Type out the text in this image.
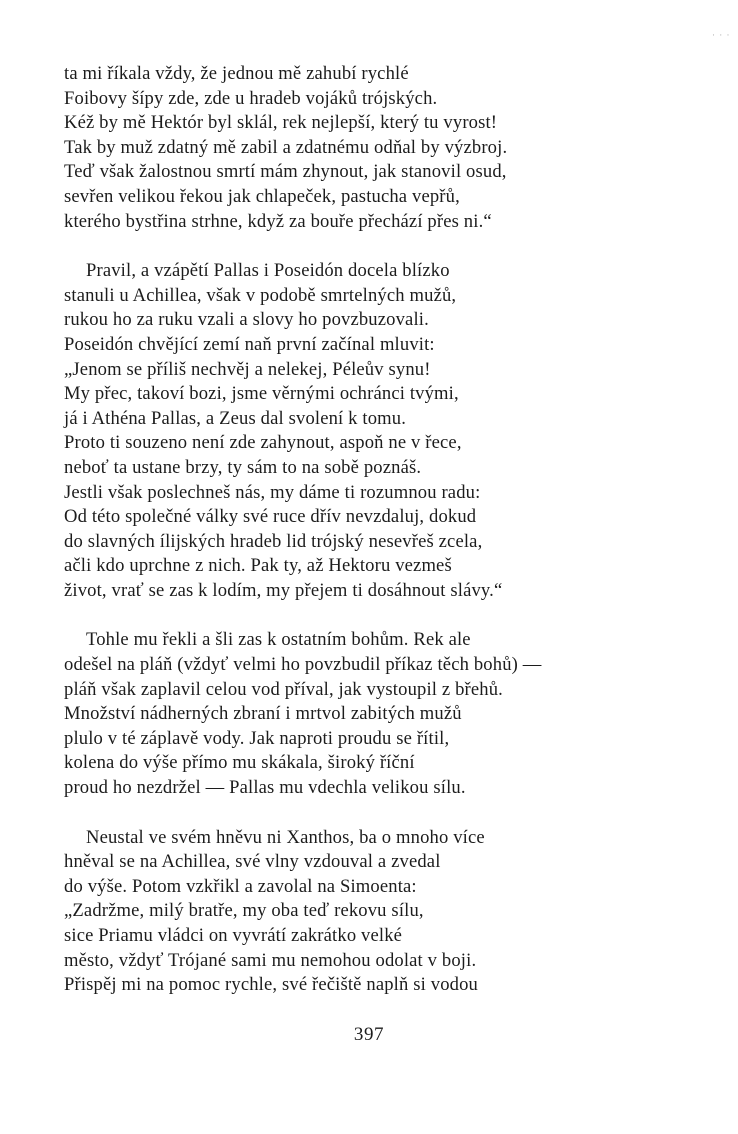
· · ·
ta mi říkala vždy, že jednou mě zahubí rychlé
Foibovy šípy zde, zde u hradeb vojáků trójských.
Kéž by mě Hektór byl sklál, rek nejlepší, který tu vyrost!
Tak by muž zdatný mě zabil a zdatnému odňal by výzbroj.
Teď však žalostnou smrtí mám zhynout, jak stanovil osud,
sevřen velikou řekou jak chlapeček, pastucha vepřů,
kterého bystřina strhne, když za bouře přechází přes ni.“
Pravil, a vzápětí Pallas i Poseidón docela blízko
stanuli u Achillea, však v podobě smrtelných mužů,
rukou ho za ruku vzali a slovy ho povzbuzovali.
Poseidón chvějící zemí naň první začínal mluvit:
„Jenom se příliš nechvěj a nelekej, Péleův synu!
My přec, takoví bozi, jsme věrnými ochránci tvými,
já i Athéna Pallas, a Zeus dal svolení k tomu.
Proto ti souzeno není zde zahynout, aspoň ne v řece,
neboť ta ustane brzy, ty sám to na sobě poznáš.
Jestli však poslechneš nás, my dáme ti rozumnou radu:
Od této společné války své ruce dřív nevzdaluj, dokud
do slavných ílijských hradeb lid trójský nesevřeš zcela,
ačli kdo uprchne z nich. Pak ty, až Hektoru vezmeš
život, vrať se zas k lodím, my přejem ti dosáhnout slávy.“
Tohle mu řekli a šli zas k ostatním bohům. Rek ale
odešel na pláň (vždyť velmi ho povzbudil příkaz těch bohů) —
pláň však zaplavil celou vod příval, jak vystoupil z břehů.
Množství nádherných zbraní i mrtvol zabitých mužů
plulo v té záplavě vody. Jak naproti proudu se řítil,
kolena do výše přímo mu skákala, široký říční
proud ho nezdržel — Pallas mu vdechla velikou sílu.
Neustal ve svém hněvu ni Xanthos, ba o mnoho více
hněval se na Achillea, své vlny vzdouval a zvedal
do výše. Potom vzkřikl a zavolal na Simoenta:
„Zadržme, milý bratře, my oba teď rekovu sílu,
sice Priamu vládci on vyvrátí zakrátko velké
město, vždyť Trójané sami mu nemohou odolat v boji.
Přispěj mi na pomoc rychle, své řečiště naplň si vodou
397
